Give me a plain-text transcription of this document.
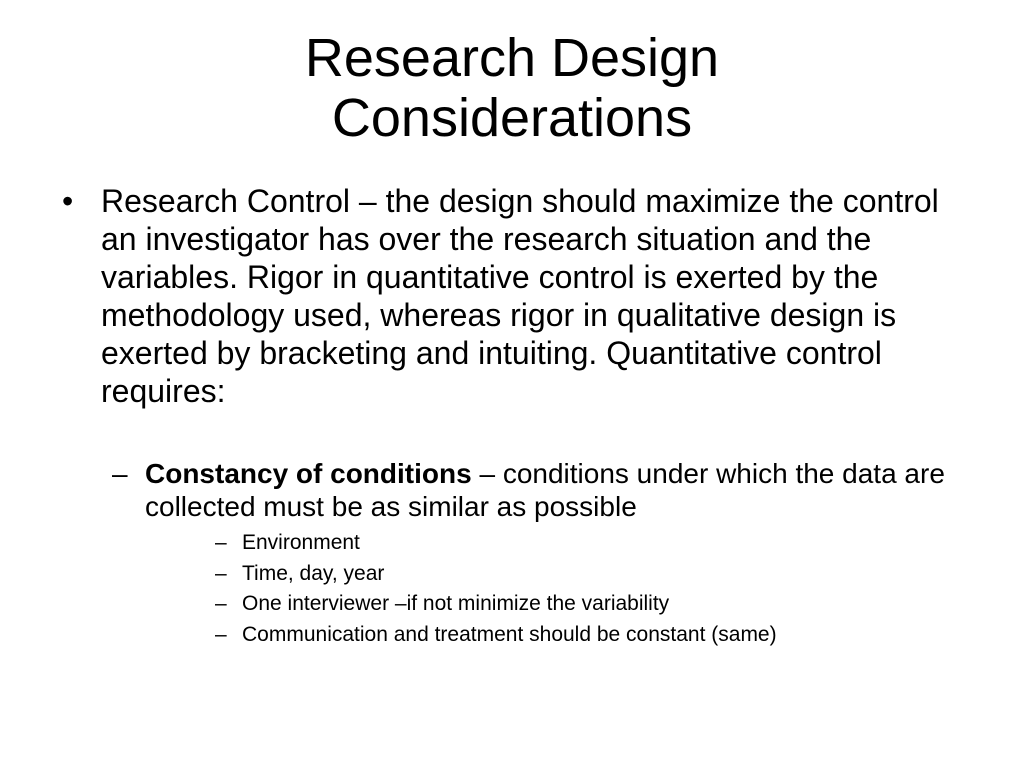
Research Design
Considerations
• Research Control – the design should maximize the control an investigator has over the research situation and the variables. Rigor in quantitative control is exerted by the methodology used, whereas rigor in qualitative design is exerted by bracketing and intuiting. Quantitative control requires:
– Constancy of conditions – conditions under which the data are collected must be as similar as possible
– Environment
– Time, day, year
– One interviewer –if not minimize the variability
– Communication and treatment should be constant (same)
